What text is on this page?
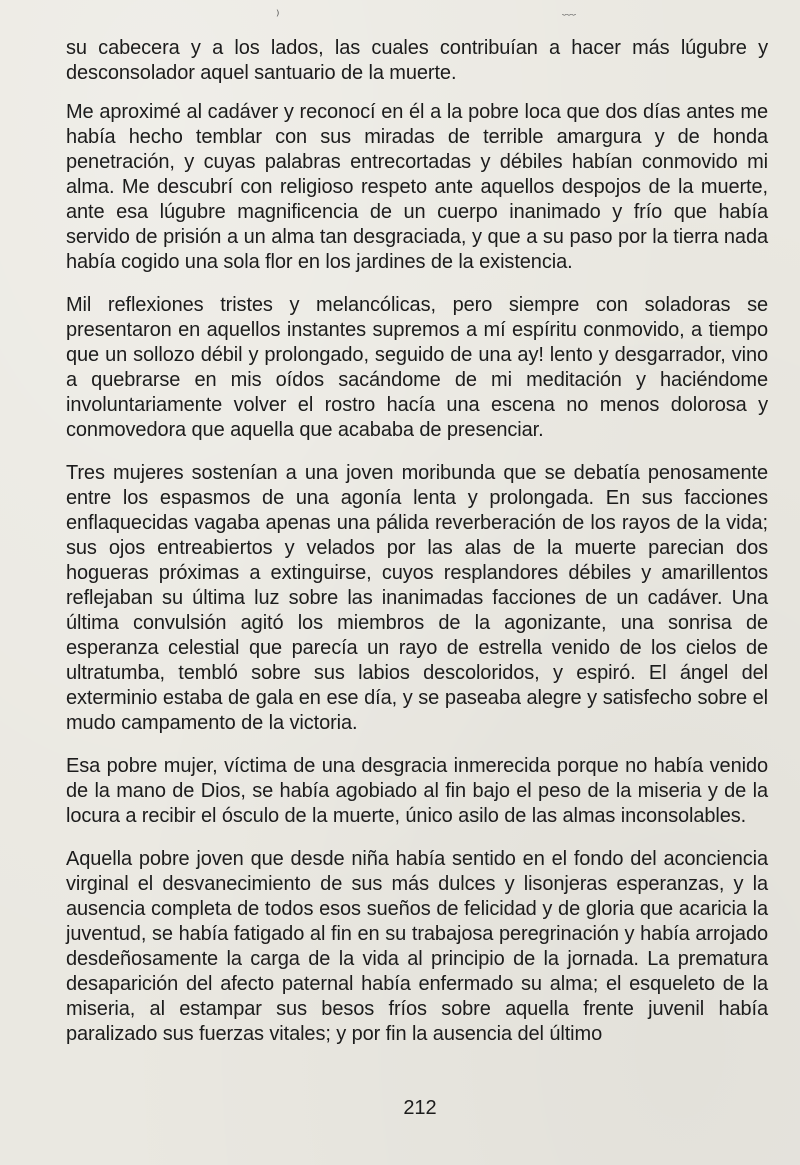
⁾	﹏

su cabecera y a los lados, las cuales contribuían a hacer más lúgubre y desconsolador aquel santuario de la muerte.

Me aproximé al cadáver y reconocí en él a la pobre loca que dos días antes me había hecho temblar con sus miradas de terrible amargura y de honda penetración, y cuyas palabras entrecortadas y débiles habían conmovido mi alma. Me descubrí con religioso respeto ante aquellos despojos de la muerte, ante esa lúgubre magnificencia de un cuerpo inanimado y frío que había servido de prisión a un alma tan desgraciada, y que a su paso por la tierra nada había cogido una sola flor en los jardines de la existencia.

Mil reflexiones tristes y melancólicas, pero siempre con soladoras se presentaron en aquellos instantes supremos a mí espíritu conmovido, a tiempo que un sollozo débil y prolongado, seguido de una ay! lento y desgarrador, vino a quebrarse en mis oídos sacándome de mi meditación y haciéndome involuntariamente volver el rostro hacía una escena no menos dolorosa y conmovedora que aquella que acababa de presenciar.

Tres mujeres sostenían a una joven moribunda que se debatía penosamente entre los espasmos de una agonía lenta y prolongada. En sus facciones enflaquecidas vagaba apenas una pálida reverberación de los rayos de la vida; sus ojos entreabiertos y velados por las alas de la muerte parecian dos hogueras próximas a extinguirse, cuyos resplandores débiles y amarillentos reflejaban su última luz sobre las inanimadas facciones de un cadáver. Una última convulsión agitó los miembros de la agonizante, una sonrisa de esperanza celestial que parecía un rayo de estrella venido de los cielos de ultratumba, tembló sobre sus labios descoloridos, y espiró. El ángel del exterminio estaba de gala en ese día, y se paseaba alegre y satisfecho sobre el mudo campamento de la victoria.

Esa pobre mujer, víctima de una desgracia inmerecida porque no había venido de la mano de Dios, se había agobiado al fin bajo el peso de la miseria y de la locura a recibir el ósculo de la muerte, único asilo de las almas inconsolables.

Aquella pobre joven que desde niña había sentido en el fondo del aconciencia virginal el desvanecimiento de sus más dulces y lisonjeras esperanzas, y la ausencia completa de todos esos sueños de felicidad y de gloria que acaricia la juventud, se había fatigado al fin en su trabajosa peregrinación y había arrojado desdeñosamente la carga de la vida al principio de la jornada. La prematura desaparición del afecto paternal había enfermado su alma; el esqueleto de la miseria, al estampar sus besos fríos sobre aquella frente juvenil había paralizado sus fuerzas vitales; y por fin la ausencia del último

212
